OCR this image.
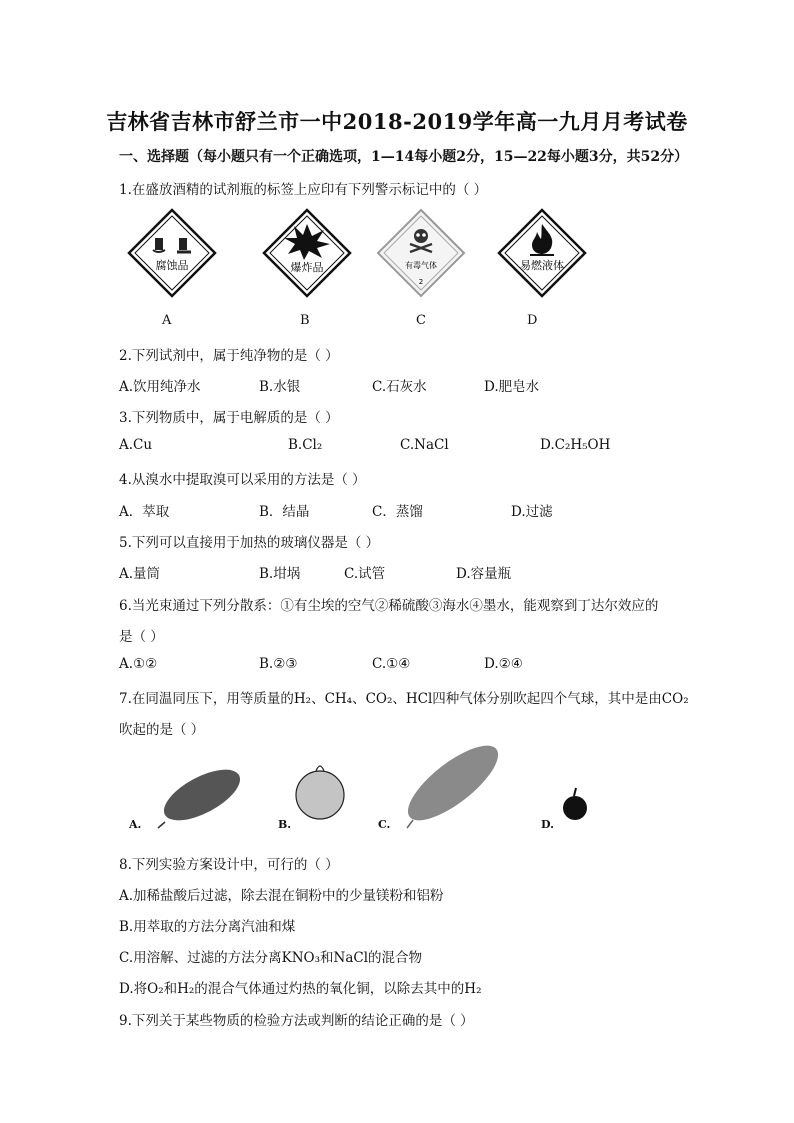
吉林省吉林市舒兰市一中2018-2019学年高一九月月考试卷
一、选择题（每小题只有一个正确选项，1—14每小题2分，15—22每小题3分，共52分）
1.在盛放酒精的试剂瓶的标签上应印有下列警示标记中的（ ）
腐蚀品
A
爆炸品
B
有毒气体
2
C
易燃液体
D
2.下列试剂中，属于纯净物的是（ ）
A.饮用纯净水	B.水银	C.石灰水	D.肥皂水
3.下列物质中，属于电解质的是（ ）
A.Cu	B.Cl₂	C.NaCl	D.C₂H₅OH
4.从溴水中提取溴可以采用的方法是（ ）
A．萃取	B．结晶	C．蒸馏	D.过滤
5.下列可以直接用于加热的玻璃仪器是（ ）
A.量筒	B.坩埚	C.试管	D.容量瓶
6.当光束通过下列分散系：①有尘埃的空气②稀硫酸③海水④墨水，能观察到丁达尔效应的
是（ ）
A.①②	B.②③	C.①④	D.②④
7.在同温同压下，用等质量的H₂、CH₄、CO₂、HCl四种气体分别吹起四个气球，其中是由CO₂
吹起的是（ ）
A.	B.	C.	D.
8.下列实验方案设计中，可行的（ ）
A.加稀盐酸后过滤，除去混在铜粉中的少量镁粉和铝粉
B.用萃取的方法分离汽油和煤
C.用溶解、过滤的方法分离KNO₃和NaCl的混合物
D.将O₂和H₂的混合气体通过灼热的氧化铜，以除去其中的H₂
9.下列关于某些物质的检验方法或判断的结论正确的是（ ）
